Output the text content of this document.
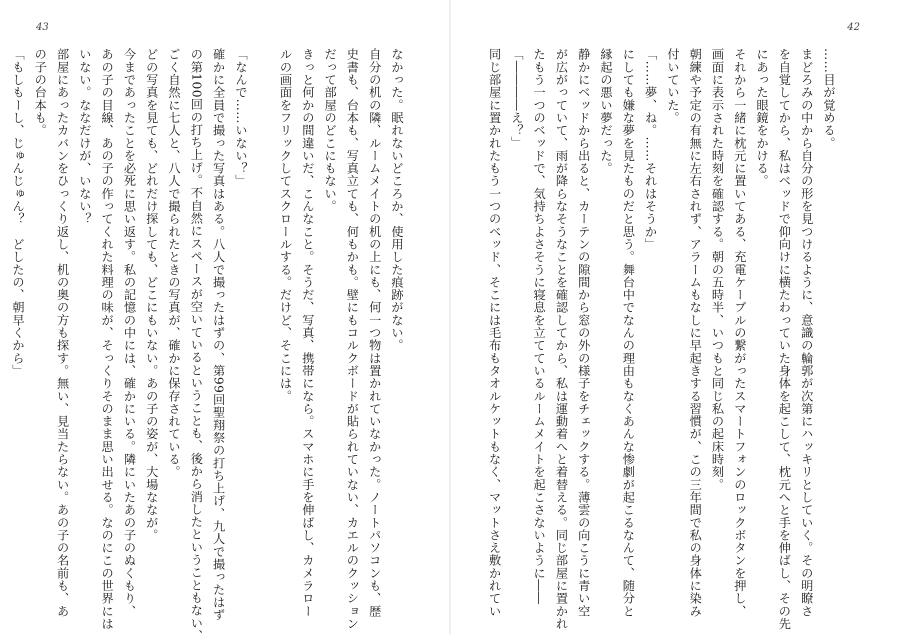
43	42
……目が覚める。
まどろみの中から自分の形を見つけるように、意識の輪郭が次第にハッキリとしていく。その明瞭さ
を自覚してから、私はベッドで仰向けに横たわっていた身体を起こして、枕元へと手を伸ばし、その先
にあった眼鏡をかける。
それから一緒に枕元に置いてある、充電ケーブルの繋がったスマートフォンのロックボタンを押し、
画面に表示された時刻を確認する。朝の五時半、いつもと同じ私の起床時刻。
朝練や予定の有無に左右されず、アラームもなしに早起きする習慣が、この三年間で私の身体に染み
付いていた。
「……夢、ね。……それはそうか」
にしても嫌な夢を見たものだと思う。舞台中でなんの理由もなくあんな惨劇が起こるなんて、随分と
縁起の悪い夢だった。
静かにベッドから出ると、カーテンの隙間から窓の外の様子をチェックする。薄雲の向こうに青い空
が広がっていて、雨が降らなそうなことを確認してから、私は運動着へと着替える。同じ部屋に置かれ
たもう一つのベッドで、気持ちよさそうに寝息を立てているルームメイトを起こさないように――
「――――え？」
同じ部屋に置かれたもう一つのベッド、そこには毛布もタオルケットもなく、マットさえ敷かれてい
なかった。眠れないどころか、使用した痕跡がない。
自分の机の隣、ルームメイトの机の上にも、何一つ物は置かれていなかった。ノートパソコンも、歴
史書も、台本も、写真立ても、何もかも。壁にもコルクボードが貼られていない、カエルのクッション
だって部屋のどこにもない。
きっと何かの間違いだ、こんなこと。そうだ、写真、携帯になら。スマホに手を伸ばし、カメラロー
ルの画面をフリックしてスクロールする。だけど、そこには。

「なんで……いない？」
確かに全員で撮った写真はある。八人で撮ったはずの、第99回聖翔祭の打ち上げ、九人で撮ったはず
の第100回の打ち上げ。不自然にスペースが空いているということも、後から消したということもない、
ごく自然に七人と、八人で撮られたときの写真が、確かに保存されている。
どの写真を見ても、どれだけ探しても、どこにもいない。あの子の姿が、大場ななが。
今まであったことを必死に思い返す。私の記憶の中には、確かにいる。隣にいたあの子のぬくもり、
あの子の目線、あの子の作ってくれた料理の味が、そっくりそのまま思い出せる。なのにこの世界には
いない。ななだけが、いない？
部屋にあったカバンをひっくり返し、机の奥の方も探す。無い、見当たらない。あの子の名前も、あ
の子の台本も。
「もしもーし、じゅんじゅん？　どしたの、朝早くから」
